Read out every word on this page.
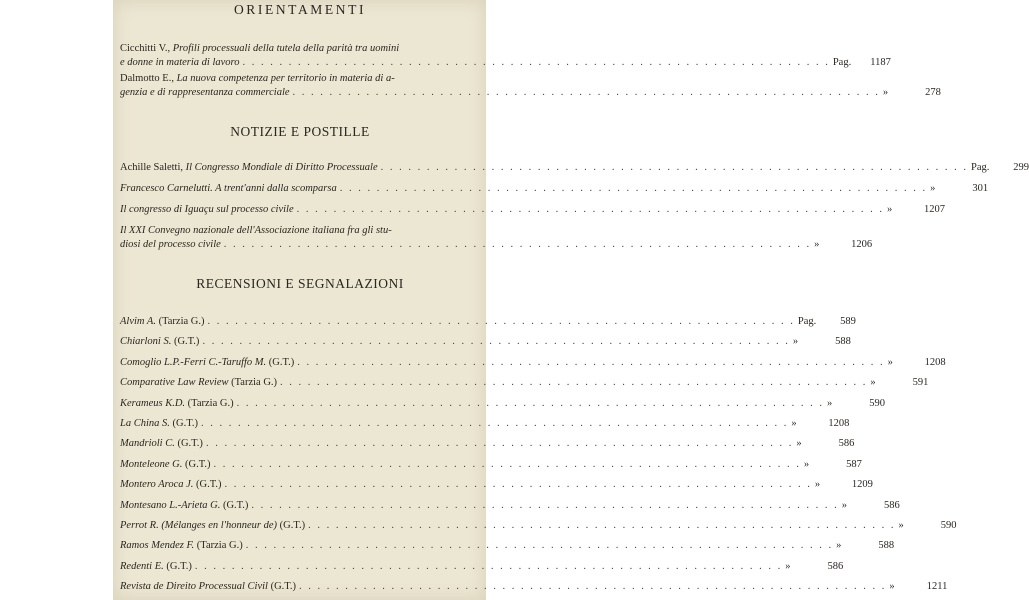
ORIENTAMENTI
Cicchitti V., Profili processuali della tutela della parità tra uomini
e donne in materia di lavoro . . . . . . . . . . . . . . . . . . . . . . . . . . . . . . . . . . . . . . . . . . . . . . . . . . . . . . . . . . . . . . . . Pag.	1187
Dalmotto E., La nuova competenza per territorio in materia di a-
genzia e di rappresentanza commerciale . . . . . . . . . . . . . . . . . . . . . . . . . . . . . . . . . . . . . . . . . . . . . . . . . . . . . . . . . . . . . . . . »	278
NOTIZIE E POSTILLE
Achille Saletti,
Il Congresso Mondiale di Diritto Processuale . . . . . . . . . . . . . . . . . . . . . . . . . . . . . . . . . . . . . . . . . . . . . . . . . . . . . . . . . . . . . . . . Pag.	299
Francesco Carnelutti. A trent'anni dalla scomparsa . . . . . . . . . . . . . . . . . . . . . . . . . . . . . . . . . . . . . . . . . . . . . . . . . . . . . . . . . . . . . . . . »	301
Il congresso di Iguaçu sul processo civile . . . . . . . . . . . . . . . . . . . . . . . . . . . . . . . . . . . . . . . . . . . . . . . . . . . . . . . . . . . . . . . . »	1207
Il XXI Convegno nazionale dell'Associazione italiana fra gli stu-
diosi del processo civile . . . . . . . . . . . . . . . . . . . . . . . . . . . . . . . . . . . . . . . . . . . . . . . . . . . . . . . . . . . . . . . . »	1206
RECENSIONI E SEGNALAZIONI
Alvim A. (Tarzia G.) . . . . . . . . . . . . . . . . . . . . . . . . . . . . . . . . . . . . . . . . . . . . . . . . . . . . . . . . . . . . . . . . Pag.	589
Chiarloni S. (G.T.) . . . . . . . . . . . . . . . . . . . . . . . . . . . . . . . . . . . . . . . . . . . . . . . . . . . . . . . . . . . . . . . . »	588
Comoglio L.P.-Ferri C.-Taruffo M. (G.T.) . . . . . . . . . . . . . . . . . . . . . . . . . . . . . . . . . . . . . . . . . . . . . . . . . . . . . . . . . . . . . . . . »	1208
Comparative Law Review (Tarzia G.) . . . . . . . . . . . . . . . . . . . . . . . . . . . . . . . . . . . . . . . . . . . . . . . . . . . . . . . . . . . . . . . . »	591
Kerameus K.D. (Tarzia G.) . . . . . . . . . . . . . . . . . . . . . . . . . . . . . . . . . . . . . . . . . . . . . . . . . . . . . . . . . . . . . . . . »	590
La China S. (G.T.) . . . . . . . . . . . . . . . . . . . . . . . . . . . . . . . . . . . . . . . . . . . . . . . . . . . . . . . . . . . . . . . . »	1208
Mandrioli C. (G.T.) . . . . . . . . . . . . . . . . . . . . . . . . . . . . . . . . . . . . . . . . . . . . . . . . . . . . . . . . . . . . . . . . »	586
Monteleone G. (G.T.) . . . . . . . . . . . . . . . . . . . . . . . . . . . . . . . . . . . . . . . . . . . . . . . . . . . . . . . . . . . . . . . . »	587
Montero Aroca J. (G.T.) . . . . . . . . . . . . . . . . . . . . . . . . . . . . . . . . . . . . . . . . . . . . . . . . . . . . . . . . . . . . . . . . »	1209
Montesano L.-Arieta G. (G.T.) . . . . . . . . . . . . . . . . . . . . . . . . . . . . . . . . . . . . . . . . . . . . . . . . . . . . . . . . . . . . . . . . »	586
Perrot R. (Mélanges en l'honneur de) (G.T.) . . . . . . . . . . . . . . . . . . . . . . . . . . . . . . . . . . . . . . . . . . . . . . . . . . . . . . . . . . . . . . . . »	590
Ramos Mendez F. (Tarzia G.) . . . . . . . . . . . . . . . . . . . . . . . . . . . . . . . . . . . . . . . . . . . . . . . . . . . . . . . . . . . . . . . . »	588
Redenti E. (G.T.) . . . . . . . . . . . . . . . . . . . . . . . . . . . . . . . . . . . . . . . . . . . . . . . . . . . . . . . . . . . . . . . . »	586
Revista de Direito Processual Civil (G.T.) . . . . . . . . . . . . . . . . . . . . . . . . . . . . . . . . . . . . . . . . . . . . . . . . . . . . . . . . . . . . . . . . »	1211
